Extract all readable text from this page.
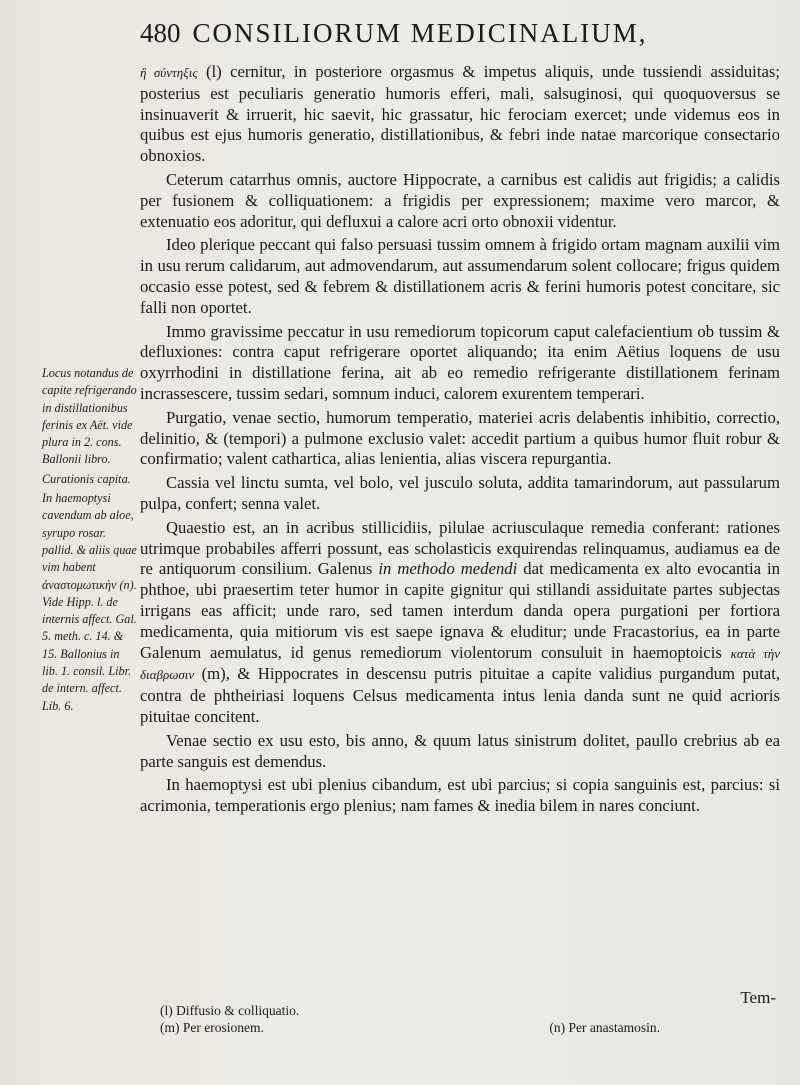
480 CONSILIORUM MEDICINALIUM,

ἢ σύντηξις (l) cernitur, in posteriore orgasmus & impetus aliquis, unde tussiendi assiduitas; posterius est peculiaris generatio humoris efferi, mali, salsuginosi, qui quoquoversus se insinuaverit & irruerit, hic saevit, hic grassatur, hic ferociam exercet; unde videmus eos in quibus est ejus humoris generatio, distillationibus, & febri inde natae marcorique consectario obnoxios.

Ceterum catarrhus omnis, auctore Hippocrate, a carnibus est calidis aut frigidis; a calidis per fusionem & colliquationem: a frigidis per expressionem; maxime vero marcor, & extenuatio eos adoritur, qui defluxui a calore acri orto obnoxii videntur.

Ideo plerique peccant qui falso persuasi tussim omnem à frigido ortam magnam auxilii vim in usu rerum calidarum, aut admovendarum, aut assumendarum solent collocare; frigus quidem occasio esse potest, sed & febrem & distillationem acris & ferini humoris potest concitare, sic falli non oportet.

Immo gravissime peccatur in usu remediorum topicorum caput calefacientium ob tussim & defluxiones: contra caput refrigerare oportet aliquando; ita enim Aëtius loquens de usu oxyrrhodini in distillatione ferina, ait ab eo remedio refrigerante distillationem ferinam incrassescere, tussim sedari, somnum induci, calorem exurentem temperari.

Purgatio, venae sectio, humorum temperatio, materiei acris delabentis inhibitio, correctio, delinitio, & (tempori) a pulmone exclusio valet: accedit partium a quibus humor fluit robur & confirmatio; valent cathartica, alias lenientia, alias viscera repurgantia.

Cassia vel linctu sumta, vel bolo, vel jusculo soluta, addita tamarindorum, aut passularum pulpa, confert; senna valet.

Quaestio est, an in acribus stillicidiis, pilulae acriusculaque remedia conferant: rationes utrimque probabiles afferri possunt, eas scholasticis exquirendas relinquamus, audiamus ea de re antiquorum consilium. Galenus in methodo medendi dat medicamenta ex alto evocantia in phthoe, ubi praesertim teter humor in capite gignitur qui stillandi assiduitate partes subjectas irrigans eas afficit; unde raro, sed tamen interdum danda opera purgationi per fortiora medicamenta, quia mitiorum vis est saepe ignava & eluditur; unde Fracastorius, ea in parte Galenum aemulatus, id genus remediorum violentorum consuluit in haemoptoicis κατὰ τὴν διαβρωσιν (m), & Hippocrates in descensu putris pituitae a capite validius purgandum putat, contra de phtheiriasi loquens Celsus medicamenta intus lenia danda sunt ne quid acrioris pituitae concitent.

Venae sectio ex usu esto, bis anno, & quum latus sinistrum dolitet, paullo crebrius ab ea parte sanguis est demendus.

In haemoptysi est ubi plenius cibandum, est ubi parcius; si copia sanguinis est, parcius: si acrimonia, temperationis ergo plenius; nam fames & inedia bilem in nares conciunt.

Locus notandus de capite refrigerando in distillationibus ferinis ex Aët. vide plura in 2. cons. Ballonii libro.

Curationis capita.

In haemoptysi cavendum ab aloe, syrupo rosar. pallid. & aliis quae vim habent ἀναστομωτικὴν (n). Vide Hipp. l. de internis affect. Gal. 5. meth. c. 14. & 15. Ballonius in lib. 1. consil. Libr. de intern. affect. Lib. 6.

Tem-
(l) Diffusio & colliquatio.
(m) Per erosionem.	(n) Per anastamosin.
